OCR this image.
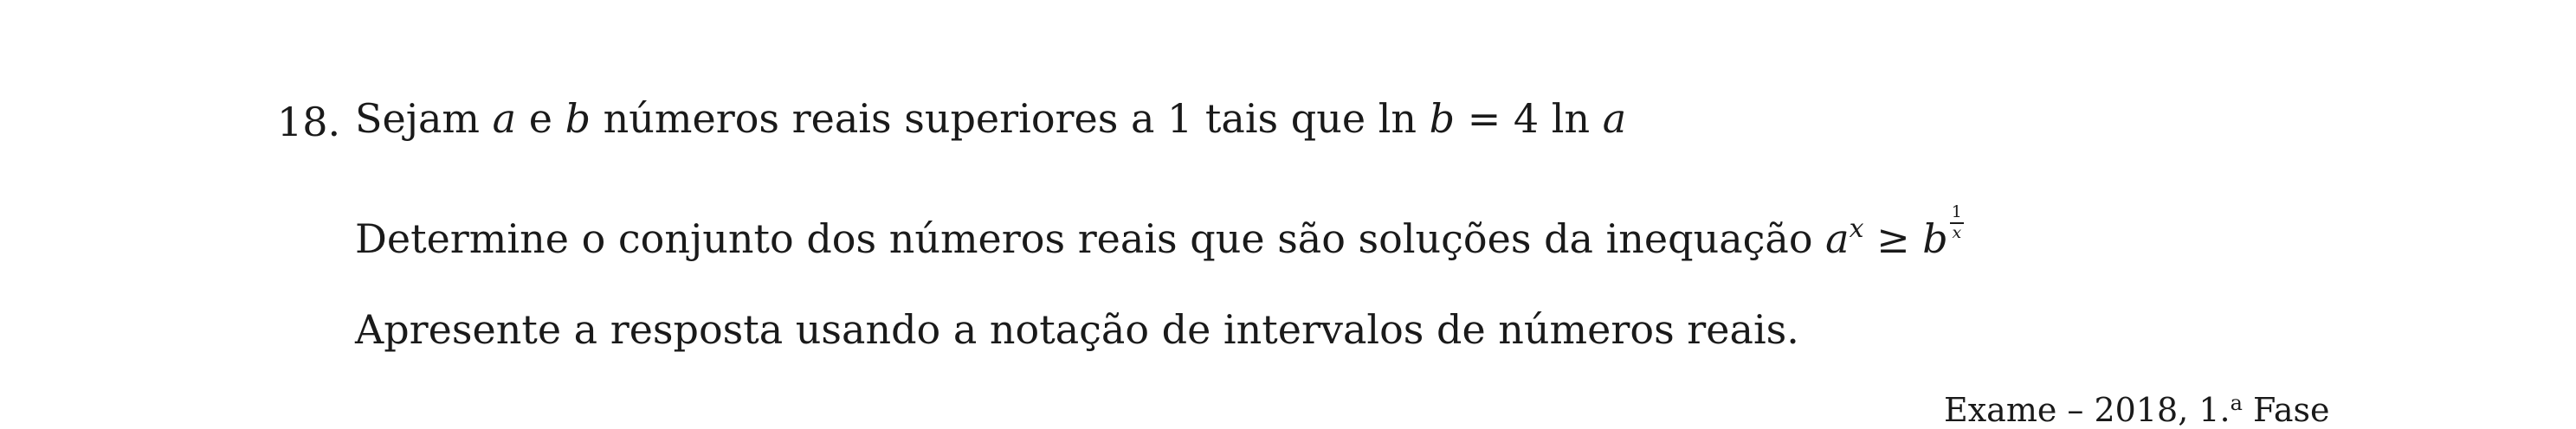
18. Sejam a e b números reais superiores a 1 tais que ln b = 4 ln a
Determine o conjunto dos números reais que são soluções da inequação $a^x \ge b \frac{1}{x}$
Apresente a resposta usando a notação de intervalos de números reais.
Exame – 2018, 1.$^a$ Fase
